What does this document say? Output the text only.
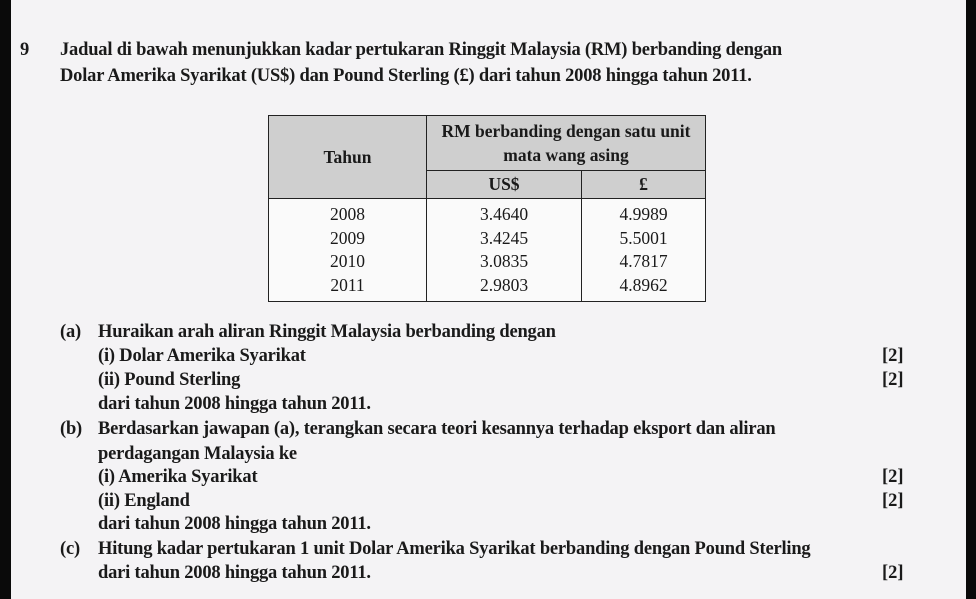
9 Jadual di bawah menunjukkan kadar pertukaran Ringgit Malaysia (RM) berbanding dengan
Dolar Amerika Syarikat (US$) dan Pound Sterling (£) dari tahun 2008 hingga tahun 2011.
Tahun	RM berbanding dengan satu unit mata wang asing	
	US$	£
2008	3.4640	4.9989
2009	3.4245	5.5001
2010	3.0835	4.7817
2011	2.9803	4.8962
(a) Huraikan arah aliran Ringgit Malaysia berbanding dengan
(i) Dolar Amerika Syarikat	[2]
(ii) Pound Sterling	[2]
dari tahun 2008 hingga tahun 2011.
(b) Berdasarkan jawapan (a), terangkan secara teori kesannya terhadap eksport dan aliran
perdagangan Malaysia ke
(i) Amerika Syarikat	[2]
(ii) England	[2]
dari tahun 2008 hingga tahun 2011.
(c) Hitung kadar pertukaran 1 unit Dolar Amerika Syarikat berbanding dengan Pound Sterling
dari tahun 2008 hingga tahun 2011.	[2]
